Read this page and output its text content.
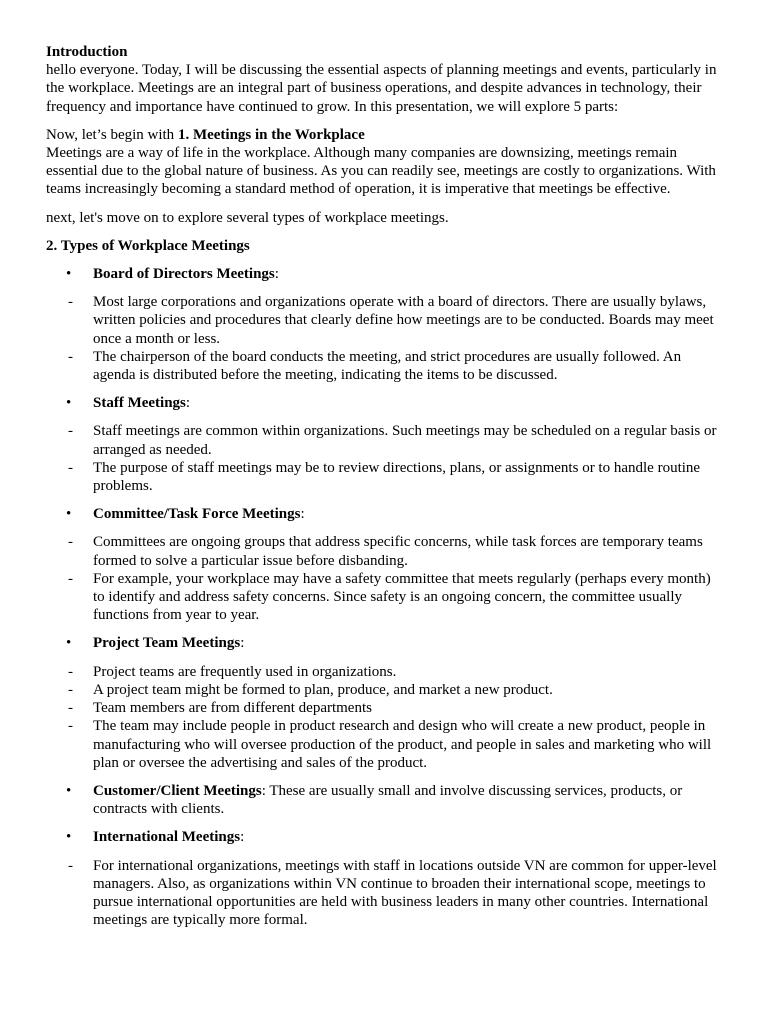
Introduction

hello everyone. Today, I will be discussing the essential aspects of planning meetings and events, particularly in the workplace. Meetings are an integral part of business operations, and despite advances in technology, their frequency and importance have continued to grow. In this presentation, we will explore 5 parts:

Now, let’s begin with 1. Meetings in the Workplace

Meetings are a way of life in the workplace. Although many companies are downsizing, meetings remain essential due to the global nature of business. As you can readily see, meetings are costly to organizations. With teams increasingly becoming a standard method of operation, it is imperative that meetings be effective.

next, let's move on to explore several types of workplace meetings.

2. Types of Workplace Meetings

• Board of Directors Meetings:
- Most large corporations and organizations operate with a board of directors. There are usually bylaws, written policies and procedures that clearly define how meetings are to be conducted. Boards may meet once a month or less.
- The chairperson of the board conducts the meeting, and strict procedures are usually followed. An agenda is distributed before the meeting, indicating the items to be discussed.
• Staff Meetings:
- Staff meetings are common within organizations. Such meetings may be scheduled on a regular basis or arranged as needed.
- The purpose of staff meetings may be to review directions, plans, or assignments or to handle routine problems.
• Committee/Task Force Meetings:
- Committees are ongoing groups that address specific concerns, while task forces are temporary teams formed to solve a particular issue before disbanding.
- For example, your workplace may have a safety committee that meets regularly (perhaps every month) to identify and address safety concerns. Since safety is an ongoing concern, the committee usually functions from year to year.
• Project Team Meetings:
- Project teams are frequently used in organizations.
- A project team might be formed to plan, produce, and market a new product.
- Team members are from different departments
- The team may include people in product research and design who will create a new product, people in manufacturing who will oversee production of the product, and people in sales and marketing who will plan or oversee the advertising and sales of the product.
• Customer/Client Meetings: These are usually small and involve discussing services, products, or contracts with clients.
• International Meetings:
- For international organizations, meetings with staff in locations outside VN are common for upper-level managers. Also, as organizations within VN continue to broaden their international scope, meetings to pursue international opportunities are held with business leaders in many other countries. International meetings are typically more formal.
